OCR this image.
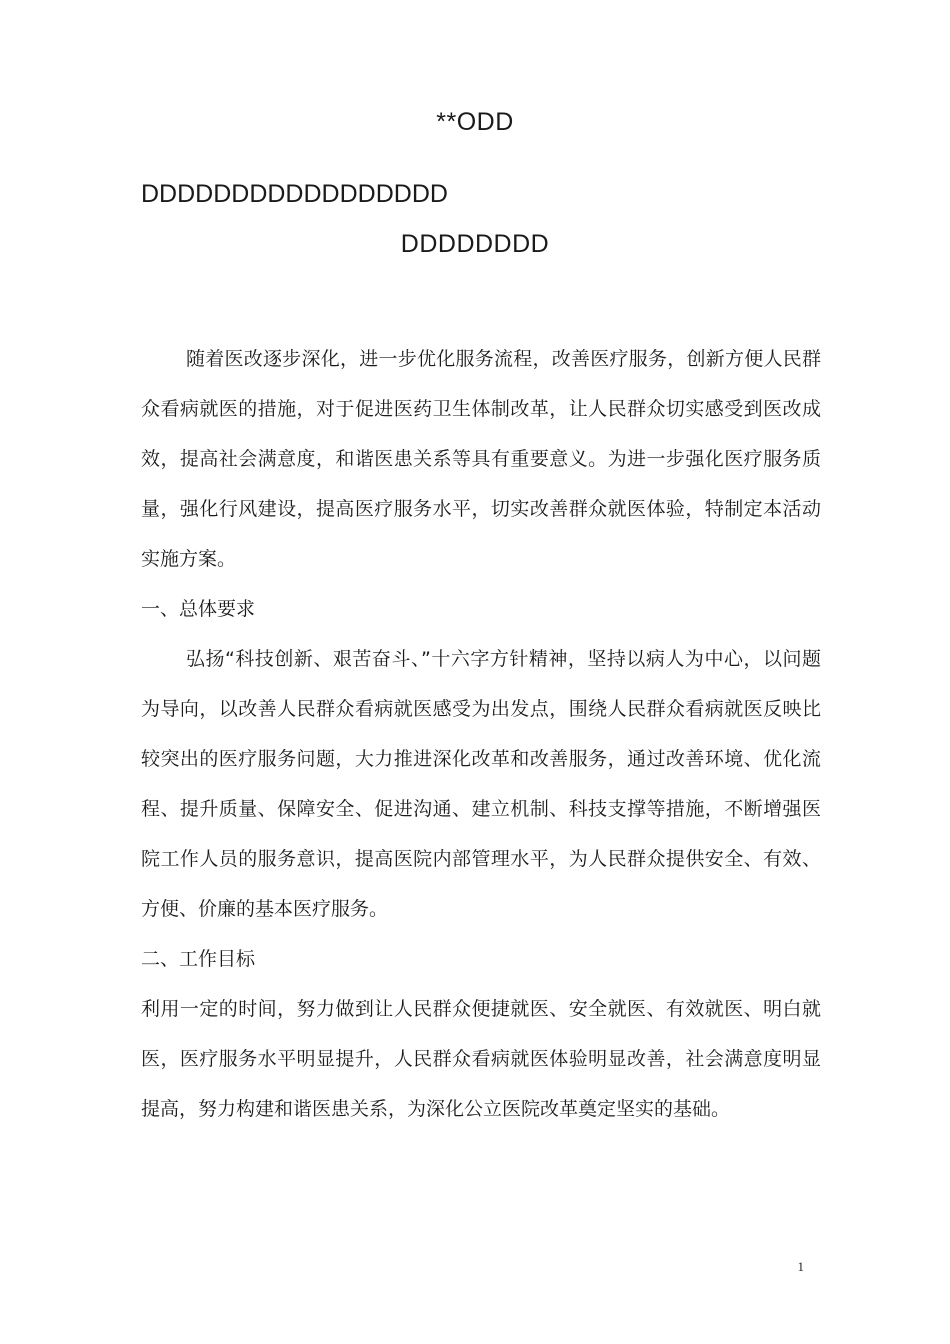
**ODD
DDDDDDDDDDDDDDDDD
DDDDDDDD

随着医改逐步深化，进一步优化服务流程，改善医疗服务，创新方便人民群众看病就医的措施，对于促进医药卫生体制改革，让人民群众切实感受到医改成效，提高社会满意度，和谐医患关系等具有重要意义。为进一步强化医疗服务质量，强化行风建设，提高医疗服务水平，切实改善群众就医体验，特制定本活动实施方案。

一、总体要求

弘扬“科技创新、艰苦奋斗、”十六字方针精神，坚持以病人为中心，以问题为导向，以改善人民群众看病就医感受为出发点，围绕人民群众看病就医反映比较突出的医疗服务问题，大力推进深化改革和改善服务，通过改善环境、优化流程、提升质量、保障安全、促进沟通、建立机制、科技支撑等措施，不断增强医院工作人员的服务意识，提高医院内部管理水平，为人民群众提供安全、有效、方便、价廉的基本医疗服务。

二、工作目标

利用一定的时间，努力做到让人民群众便捷就医、安全就医、有效就医、明白就医，医疗服务水平明显提升，人民群众看病就医体验明显改善，社会满意度明显提高，努力构建和谐医患关系，为深化公立医院改革奠定坚实的基础。

1
